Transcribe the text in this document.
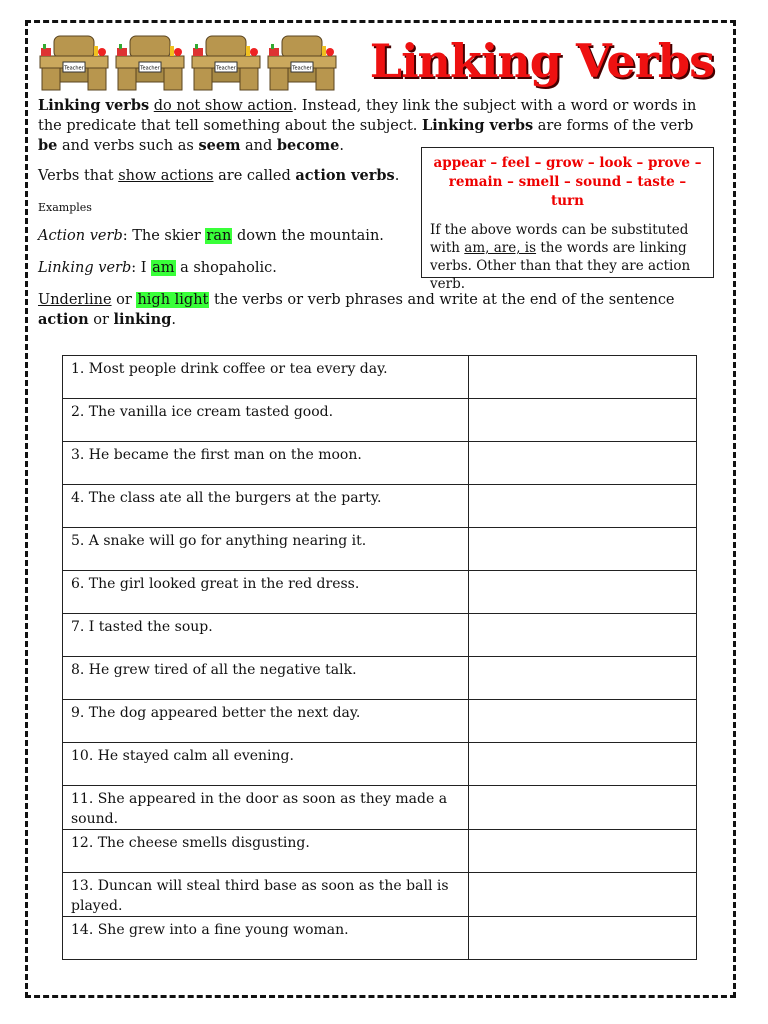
Teacher	Teacher	Teacher	Teacher Linking Verbs
Linking verbs do not show action. Instead, they link the subject with a word or words in the predicate that tell something about the subject. Linking verbs are forms of the verb
be and verbs such as seem and become.
Verbs that show actions are called action verbs.
Examples
Action verb: The skier ran down the mountain.
Linking verb: I am a shopaholic.
appear – feel – grow – look – prove –
remain – smell – sound – taste – turn
If the above words can be substituted with am, are, is the words are linking verbs. Other than that they are action verb.
Underline or high light the verbs or verb phrases and write at the end of the sentence
action or linking.
1. Most people drink coffee or tea every day.	
2. The vanilla ice cream tasted good.	
3. He became the first man on the moon.	
4. The class ate all the burgers at the party.	
5. A snake will go for anything nearing it.	
6. The girl looked great in the red dress.	
7. I tasted the soup.	
8. He grew tired of all the negative talk.	
9. The dog appeared better the next day.	
10. He stayed calm all evening.	
11. She appeared in the door as soon as they made a sound.	
12. The cheese smells disgusting.	
13. Duncan will steal third base as soon as the ball is played.	
14. She grew into a fine young woman.	
